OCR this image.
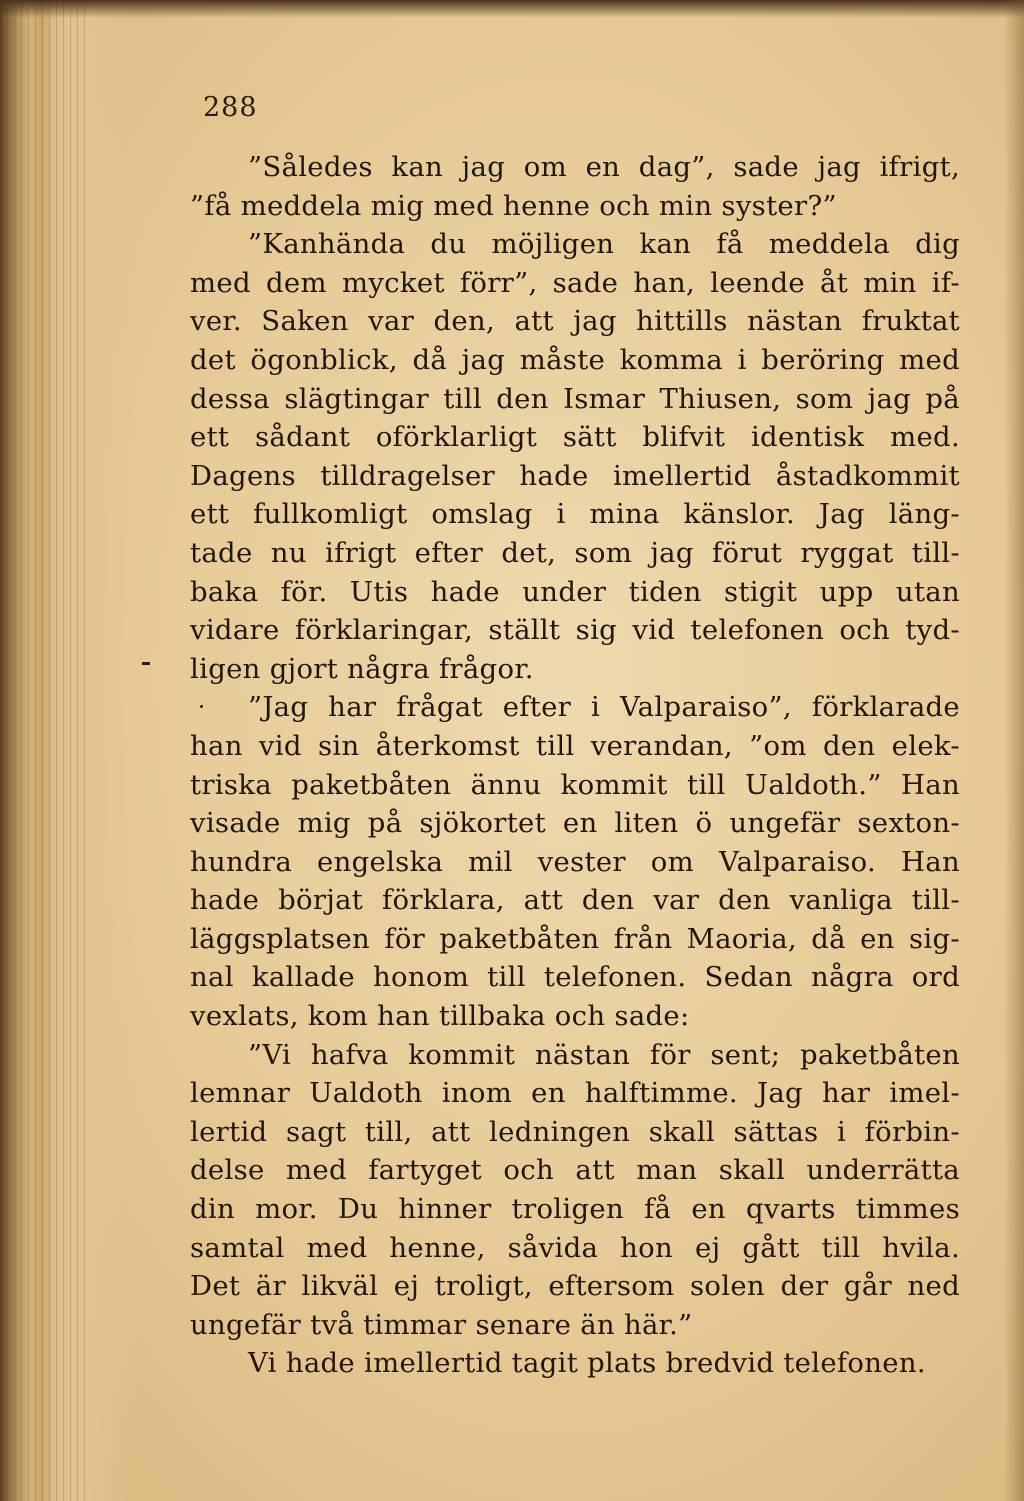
288
”Således kan jag om en dag”, sade jag ifrigt,
”få meddela mig med henne och min syster?”
”Kanhända du möjligen kan få meddela dig
med dem mycket förr”, sade han, leende åt min if-
ver. Saken var den, att jag hittills nästan fruktat
det ögonblick, då jag måste komma i beröring med
dessa slägtingar till den Ismar Thiusen, som jag på
ett sådant oförklarligt sätt blifvit identisk med.
Dagens tilldragelser hade imellertid åstadkommit
ett fullkomligt omslag i mina känslor. Jag läng-
tade nu ifrigt efter det, som jag förut ryggat till-
baka för. Utis hade under tiden stigit upp utan
vidare förklaringar, ställt sig vid telefonen och tyd-
ligen gjort några frågor.
”Jag har frågat efter i Valparaiso”, förklarade
han vid sin återkomst till verandan, ”om den elek-
triska paketbåten ännu kommit till Ualdoth.” Han
visade mig på sjökortet en liten ö ungefär sexton-
hundra engelska mil vester om Valparaiso. Han
hade börjat förklara, att den var den vanliga till-
läggsplatsen för paketbåten från Maoria, då en sig-
nal kallade honom till telefonen. Sedan några ord
vexlats, kom han tillbaka och sade:
”Vi hafva kommit nästan för sent; paketbåten
lemnar Ualdoth inom en halftimme. Jag har imel-
lertid sagt till, att ledningen skall sättas i förbin-
delse med fartyget och att man skall underrätta
din mor. Du hinner troligen få en qvarts timmes
samtal med henne, såvida hon ej gått till hvila.
Det är likväl ej troligt, eftersom solen der går ned
ungefär två timmar senare än här.”
Vi hade imellertid tagit plats bredvid telefonen.
